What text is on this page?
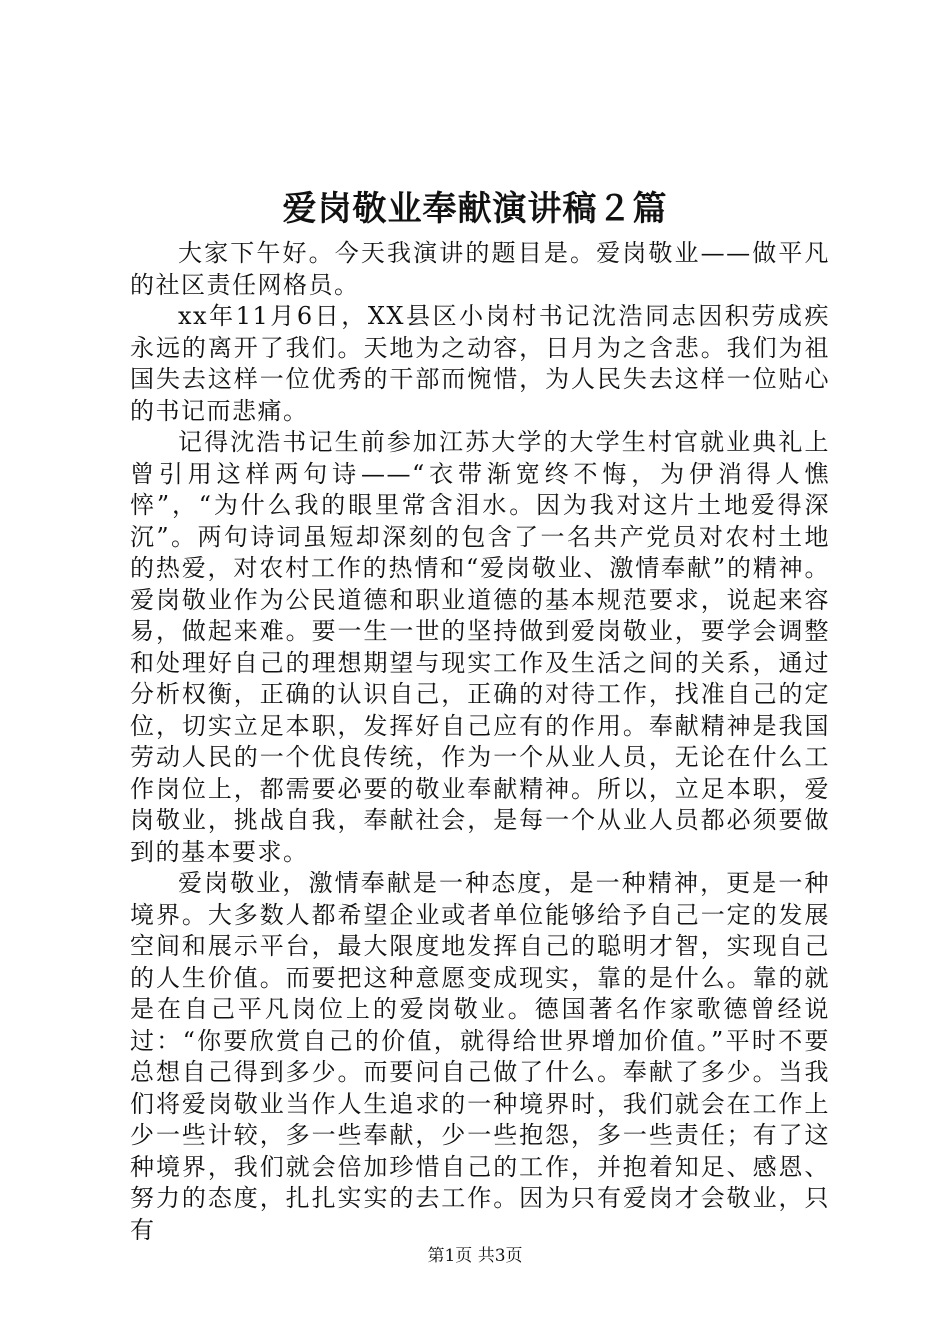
爱岗敬业奉献演讲稿２篇

大家下午好。今天我演讲的题目是。爱岗敬业——做平凡的社区责任网格员。

xx年11月6日，XX县区小岗村书记沈浩同志因积劳成疾永远的离开了我们。天地为之动容，日月为之含悲。我们为祖国失去这样一位优秀的干部而惋惜，为人民失去这样一位贴心的书记而悲痛。

记得沈浩书记生前参加江苏大学的大学生村官就业典礼上曾引用这样两句诗——“衣带渐宽终不悔，为伊消得人憔悴”，“为什么我的眼里常含泪水。因为我对这片土地爱得深沉”。两句诗词虽短却深刻的包含了一名共产党员对农村土地的热爱，对农村工作的热情和“爱岗敬业、激情奉献”的精神。爱岗敬业作为公民道德和职业道德的基本规范要求，说起来容易，做起来难。要一生一世的坚持做到爱岗敬业，要学会调整和处理好自己的理想期望与现实工作及生活之间的关系，通过分析权衡，正确的认识自己，正确的对待工作，找准自己的定位，切实立足本职，发挥好自己应有的作用。奉献精神是我国劳动人民的一个优良传统，作为一个从业人员，无论在什么工作岗位上，都需要必要的敬业奉献精神。所以，立足本职，爱岗敬业，挑战自我，奉献社会，是每一个从业人员都必须要做到的基本要求。

爱岗敬业，激情奉献是一种态度，是一种精神，更是一种境界。大多数人都希望企业或者单位能够给予自己一定的发展空间和展示平台，最大限度地发挥自己的聪明才智，实现自己的人生价值。而要把这种意愿变成现实，靠的是什么。靠的就是在自己平凡岗位上的爱岗敬业。德国著名作家歌德曾经说过：“你要欣赏自己的价值，就得给世界增加价值。”平时不要总想自己得到多少。而要问自己做了什么。奉献了多少。当我们将爱岗敬业当作人生追求的一种境界时，我们就会在工作上少一些计较，多一些奉献，少一些抱怨，多一些责任；有了这种境界，我们就会倍加珍惜自己的工作，并抱着知足、感恩、努力的态度，扎扎实实的去工作。因为只有爱岗才会敬业，只有

第1页 共3页
